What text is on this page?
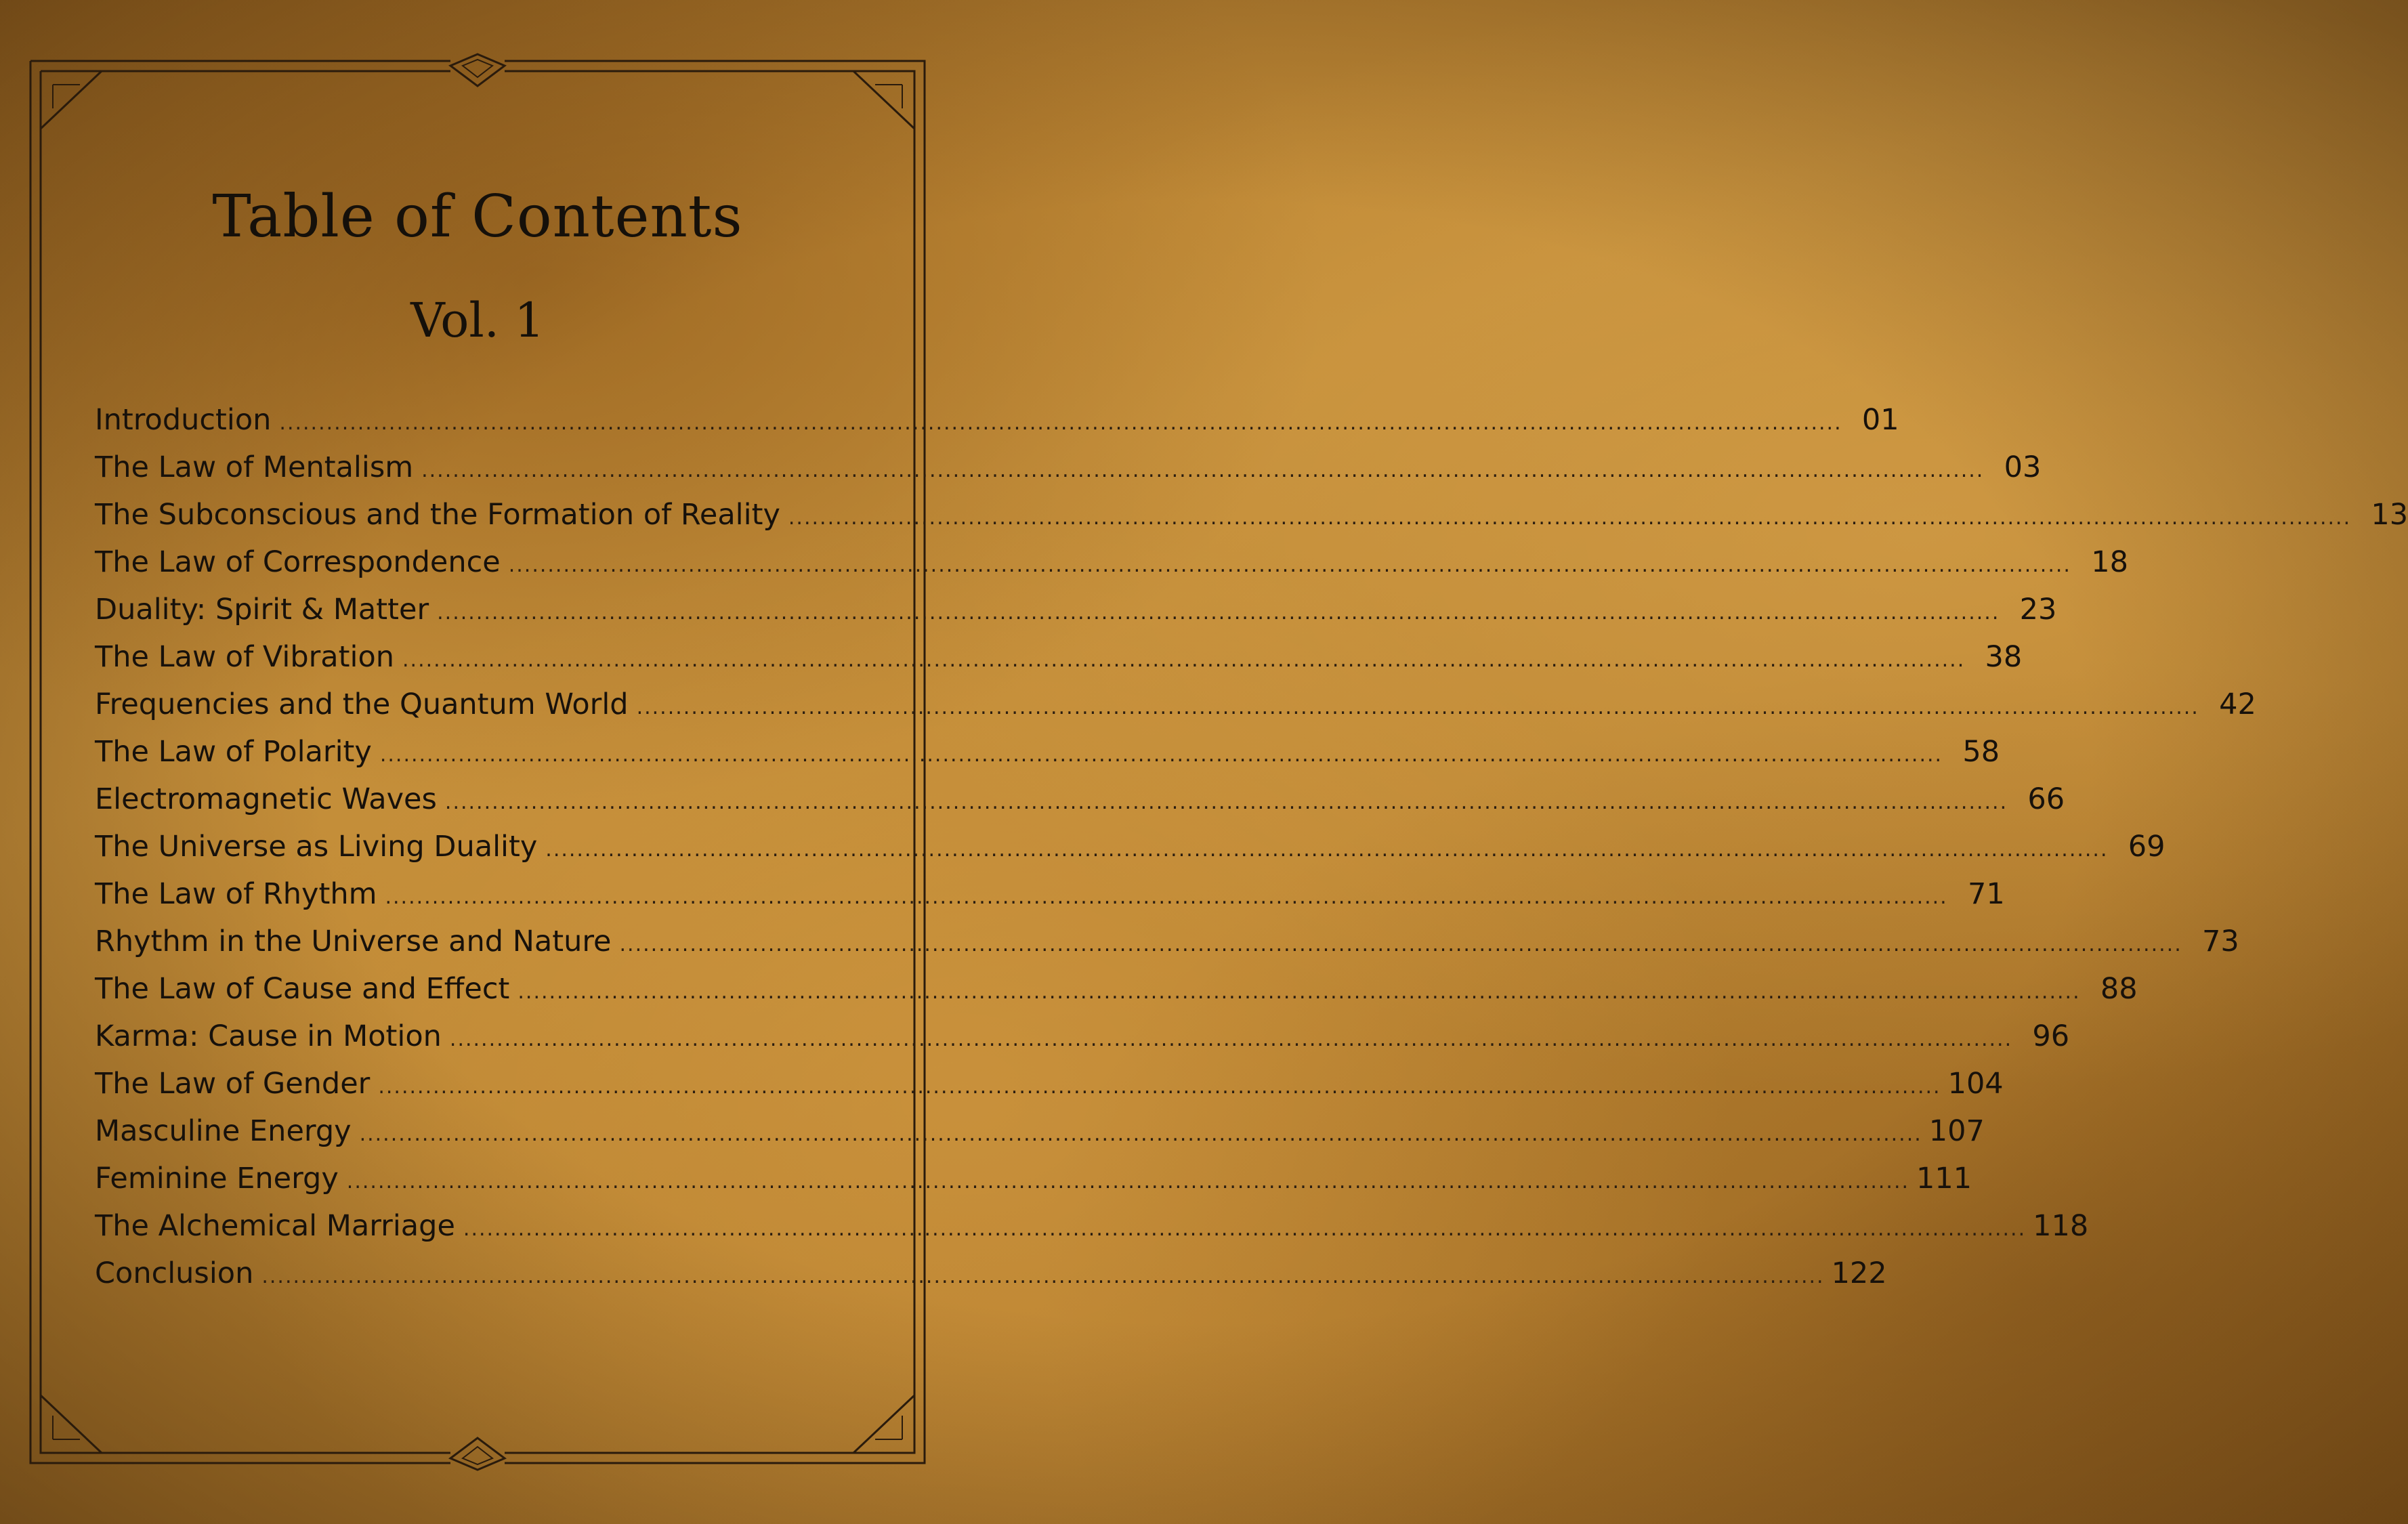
Table of Contents
Vol. 1
Introduction ........................................................................................................................................................................................................ 01
The Law of Mentalism ........................................................................................................................................................................................................ 03
The Subconscious and the Formation of Reality ........................................................................................................................................................................................................ 13
The Law of Correspondence ........................................................................................................................................................................................................ 18
Duality: Spirit & Matter ........................................................................................................................................................................................................ 23
The Law of Vibration ........................................................................................................................................................................................................ 38
Frequencies and the Quantum World ........................................................................................................................................................................................................ 42
The Law of Polarity ........................................................................................................................................................................................................ 58
Electromagnetic Waves ........................................................................................................................................................................................................ 66
The Universe as Living Duality ........................................................................................................................................................................................................ 69
The Law of Rhythm ........................................................................................................................................................................................................ 71
Rhythm in the Universe and Nature ........................................................................................................................................................................................................ 73
The Law of Cause and Effect ........................................................................................................................................................................................................ 88
Karma: Cause in Motion ........................................................................................................................................................................................................ 96
The Law of Gender ........................................................................................................................................................................................................ 104
Masculine Energy ........................................................................................................................................................................................................ 107
Feminine Energy ........................................................................................................................................................................................................ 111
The Alchemical Marriage ........................................................................................................................................................................................................ 118
Conclusion ........................................................................................................................................................................................................ 122
